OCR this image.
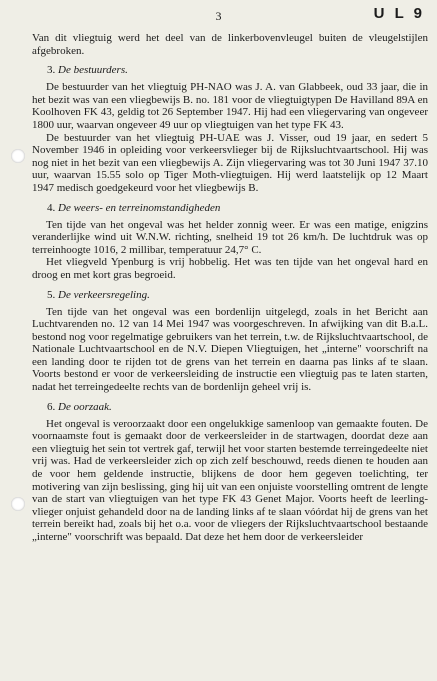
3	U L 9

Van dit vliegtuig werd het deel van de linkerbovenvleugel buiten de vleugelstijlen afgebroken.

3. De bestuurders.

De bestuurder van het vliegtuig PH-NAO was J. A. van Glabbeek, oud 33 jaar, die in het bezit was van een vliegbewijs B. no. 181 voor de vliegtuigtypen De Havilland 89A en Koolhoven FK 43, geldig tot 26 September 1947. Hij had een vliegervaring van ongeveer 1800 uur, waarvan ongeveer 49 uur op vliegtuigen van het type FK 43.

De bestuurder van het vliegtuig PH-UAE was J. Visser, oud 19 jaar, en sedert 5 November 1946 in opleiding voor verkeersvlieger bij de Rijksluchtvaartschool. Hij was nog niet in het bezit van een vliegbewijs A. Zijn vliegervaring was tot 30 Juni 1947 37.10 uur, waarvan 15.55 solo op Tiger Moth-vliegtuigen. Hij werd laatstelijk op 12 Maart 1947 medisch goedgekeurd voor het vliegbewijs B.

4. De weers- en terreinomstandigheden

Ten tijde van het ongeval was het helder zonnig weer. Er was een matige, enigzins veranderlijke wind uit W.N.W. richting, snelheid 19 tot 26 km/h. De luchtdruk was op terreinhoogte 1016, 2 millibar, temperatuur 24,7° C.

Het vliegveld Ypenburg is vrij hobbelig. Het was ten tijde van het ongeval hard en droog en met kort gras begroeid.

5. De verkeersregeling.

Ten tijde van het ongeval was een bordenlijn uitgelegd, zoals in het Bericht aan Luchtvarenden no. 12 van 14 Mei 1947 was voorgeschreven. In afwijking van dit B.a.L. bestond nog voor regelmatige gebruikers van het terrein, t.w. de Rijksluchtvaartschool, de Nationale Luchtvaartschool en de N.V. Diepen Vliegtuigen, het „interne" voorschrift na een landing door te rijden tot de grens van het terrein en daarna pas links af te slaan. Voorts bestond er voor de verkeersleiding de instructie een vliegtuig pas te laten starten, nadat het terreingedeelte rechts van de bordenlijn geheel vrij is.

6. De oorzaak.

Het ongeval is veroorzaakt door een ongelukkige samenloop van gemaakte fouten. De voornaamste fout is gemaakt door de verkeersleider in de startwagen, doordat deze aan een vliegtuig het sein tot vertrek gaf, terwijl het voor starten bestemde terreingedeelte niet vrij was. Had de verkeersleider zich op zich zelf beschouwd, reeds dienen te houden aan de voor hem geldende instructie, blijkens de door hem gegeven toelichting, ter motivering van zijn beslissing, ging hij uit van een onjuiste voorstelling omtrent de lengte van de start van vliegtuigen van het type FK 43 Genet Major. Voorts heeft de leerling-vlieger onjuist gehandeld door na de landing links af te slaan vóórdat hij de grens van het terrein bereikt had, zoals bij het o.a. voor de vliegers der Rijksluchtvaartschool bestaande „interne" voorschrift was bepaald. Dat deze het hem door de verkeersleider
